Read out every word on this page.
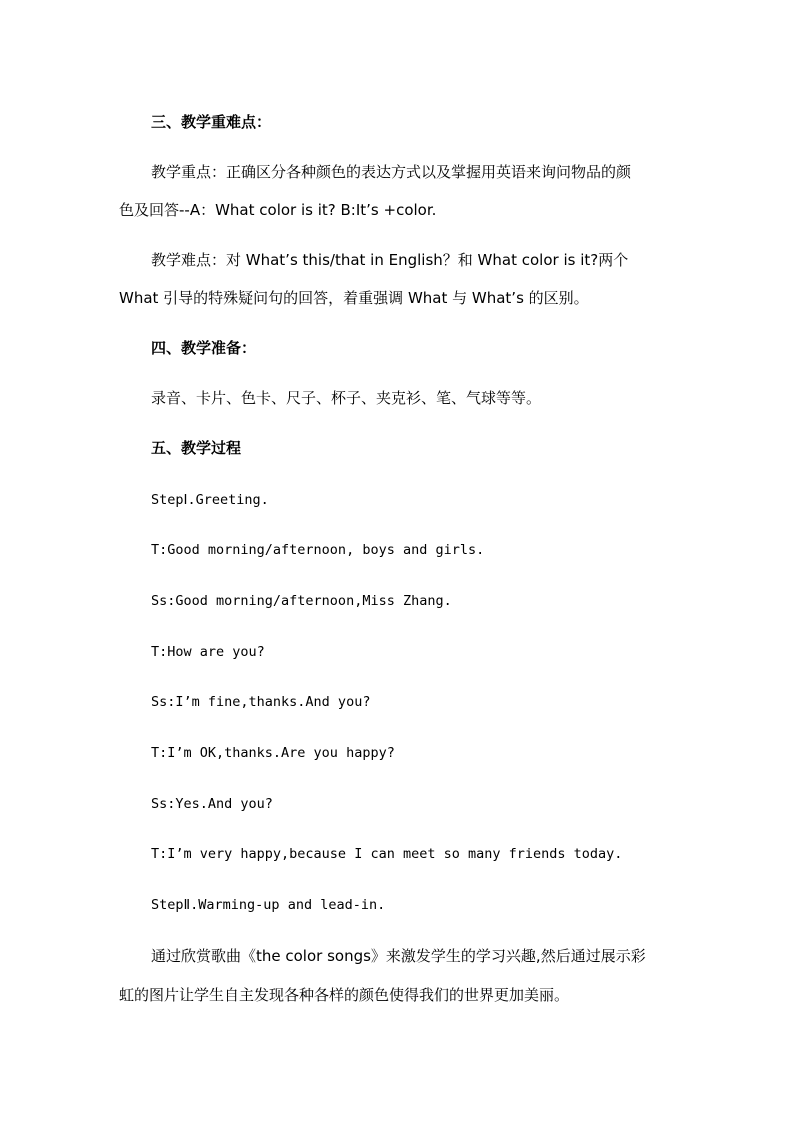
三、教学重难点：
教学重点：正确区分各种颜色的表达方式以及掌握用英语来询问物品的颜
色及回答--A：What color is it? B:It’s +color.
教学难点：对 What’s this/that in English？和 What color is it?两个
What 引导的特殊疑问句的回答，着重强调 What 与 What’s 的区别。
四、教学准备：
录音、卡片、色卡、尺子、杯子、夹克衫、笔、气球等等。
五、教学过程
StepⅠ.Greeting.
T:Good morning/afternoon, boys and girls.
Ss:Good morning/afternoon,Miss Zhang.
T:How are you?
Ss:I’m fine,thanks.And you?
T:I’m OK,thanks.Are you happy?
Ss:Yes.And you?
T:I’m very happy,because I can meet so many friends today.
StepⅡ.Warming-up and lead-in.
通过欣赏歌曲《the color songs》来激发学生的学习兴趣,然后通过展示彩
虹的图片让学生自主发现各种各样的颜色使得我们的世界更加美丽。
